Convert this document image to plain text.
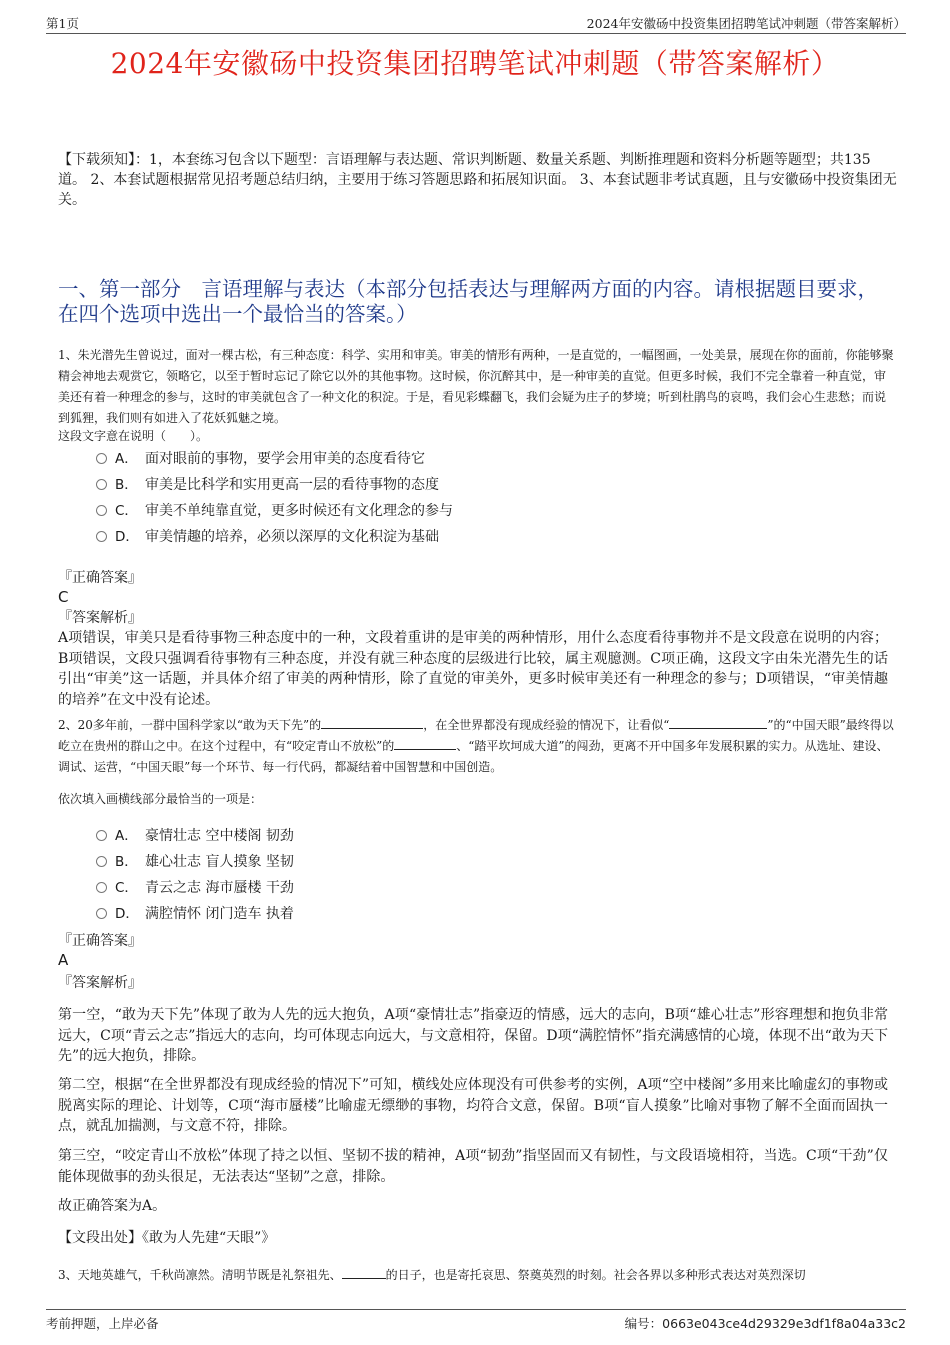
第1页	2024年安徽砀中投资集团招聘笔试冲刺题（带答案解析）
2024年安徽砀中投资集团招聘笔试冲刺题（带答案解析）
【下载须知】：1，本套练习包含以下题型：言语理解与表达题、常识判断题、数量关系题、判断推理题和资料分析题等题型；共135道。 2、本套试题根据常见招考题总结归纳，主要用于练习答题思路和拓展知识面。 3、本套试题非考试真题，且与安徽砀中投资集团无关。
一、第一部分　言语理解与表达（本部分包括表达与理解两方面的内容。请根据题目要求，在四个选项中选出一个最恰当的答案。）
1、朱光潜先生曾说过，面对一棵古松，有三种态度：科学、实用和审美。审美的情形有两种，一是直觉的，一幅图画，一处美景，展现在你的面前，你能够聚精会神地去观赏它，领略它，以至于暂时忘记了除它以外的其他事物。这时候，你沉醉其中，是一种审美的直觉。但更多时候，我们不完全靠着一种直觉，审美还有着一种理念的参与，这时的审美就包含了一种文化的积淀。于是，看见彩蝶翻飞，我们会疑为庄子的梦境；听到杜鹃鸟的哀鸣，我们会心生悲愁；而说到狐狸，我们则有如进入了花妖狐魅之境。
这段文字意在说明（　　）。
A． 面对眼前的事物，要学会用审美的态度看待它
B． 审美是比科学和实用更高一层的看待事物的态度
C． 审美不单纯靠直觉，更多时候还有文化理念的参与
D． 审美情趣的培养，必须以深厚的文化积淀为基础
『正确答案』
C
『答案解析』
A项错误，审美只是看待事物三种态度中的一种，文段着重讲的是审美的两种情形，用什么态度看待事物并不是文段意在说明的内容；B项错误，文段只强调看待事物有三种态度，并没有就三种态度的层级进行比较，属主观臆测。C项正确，这段文字由朱光潜先生的话引出“审美”这一话题，并具体介绍了审美的两种情形，除了直觉的审美外，更多时候审美还有一种理念的参与；D项错误，“审美情趣的培养”在文中没有论述。
2、20多年前，一群中国科学家以“敢为天下先”的	，在全世界都没有现成经验的情况下，让看似“	”的“中国天眼”最终得以屹立在贵州的群山之中。在这个过程中，有“咬定青山不放松”的	、“踏平坎坷成大道”的闯劲，更离不开中国多年发展积累的实力。从选址、建设、调试、运营，“中国天眼”每一个环节、每一行代码，都凝结着中国智慧和中国创造。
依次填入画横线部分最恰当的一项是：
A． 豪情壮志 空中楼阁 韧劲
B． 雄心壮志 盲人摸象 坚韧
C． 青云之志 海市蜃楼 干劲
D． 满腔情怀 闭门造车 执着
『正确答案』
A
『答案解析』
第一空，“敢为天下先”体现了敢为人先的远大抱负，A项“豪情壮志”指豪迈的情感，远大的志向，B项“雄心壮志”形容理想和抱负非常远大，C项“青云之志”指远大的志向，均可体现志向远大，与文意相符，保留。D项“满腔情怀”指充满感情的心境，体现不出“敢为天下先”的远大抱负，排除。
第二空，根据“在全世界都没有现成经验的情况下”可知，横线处应体现没有可供参考的实例，A项“空中楼阁”多用来比喻虚幻的事物或脱离实际的理论、计划等，C项“海市蜃楼”比喻虚无缥缈的事物，均符合文意，保留。B项“盲人摸象”比喻对事物了解不全面而固执一点，就乱加揣测，与文意不符，排除。
第三空，“咬定青山不放松”体现了持之以恒、坚韧不拔的精神，A项“韧劲”指坚固而又有韧性，与文段语境相符，当选。C项“干劲”仅能体现做事的劲头很足，无法表达“坚韧”之意，排除。
故正确答案为A。
【文段出处】《敢为人先建“天眼”》
3、天地英雄气，千秋尚凛然。清明节既是礼祭祖先、	的日子，也是寄托哀思、祭奠英烈的时刻。社会各界以多种形式表达对英烈深切
考前押题，上岸必备	编号：0663e043ce4d29329e3df1f8a04a33c2
